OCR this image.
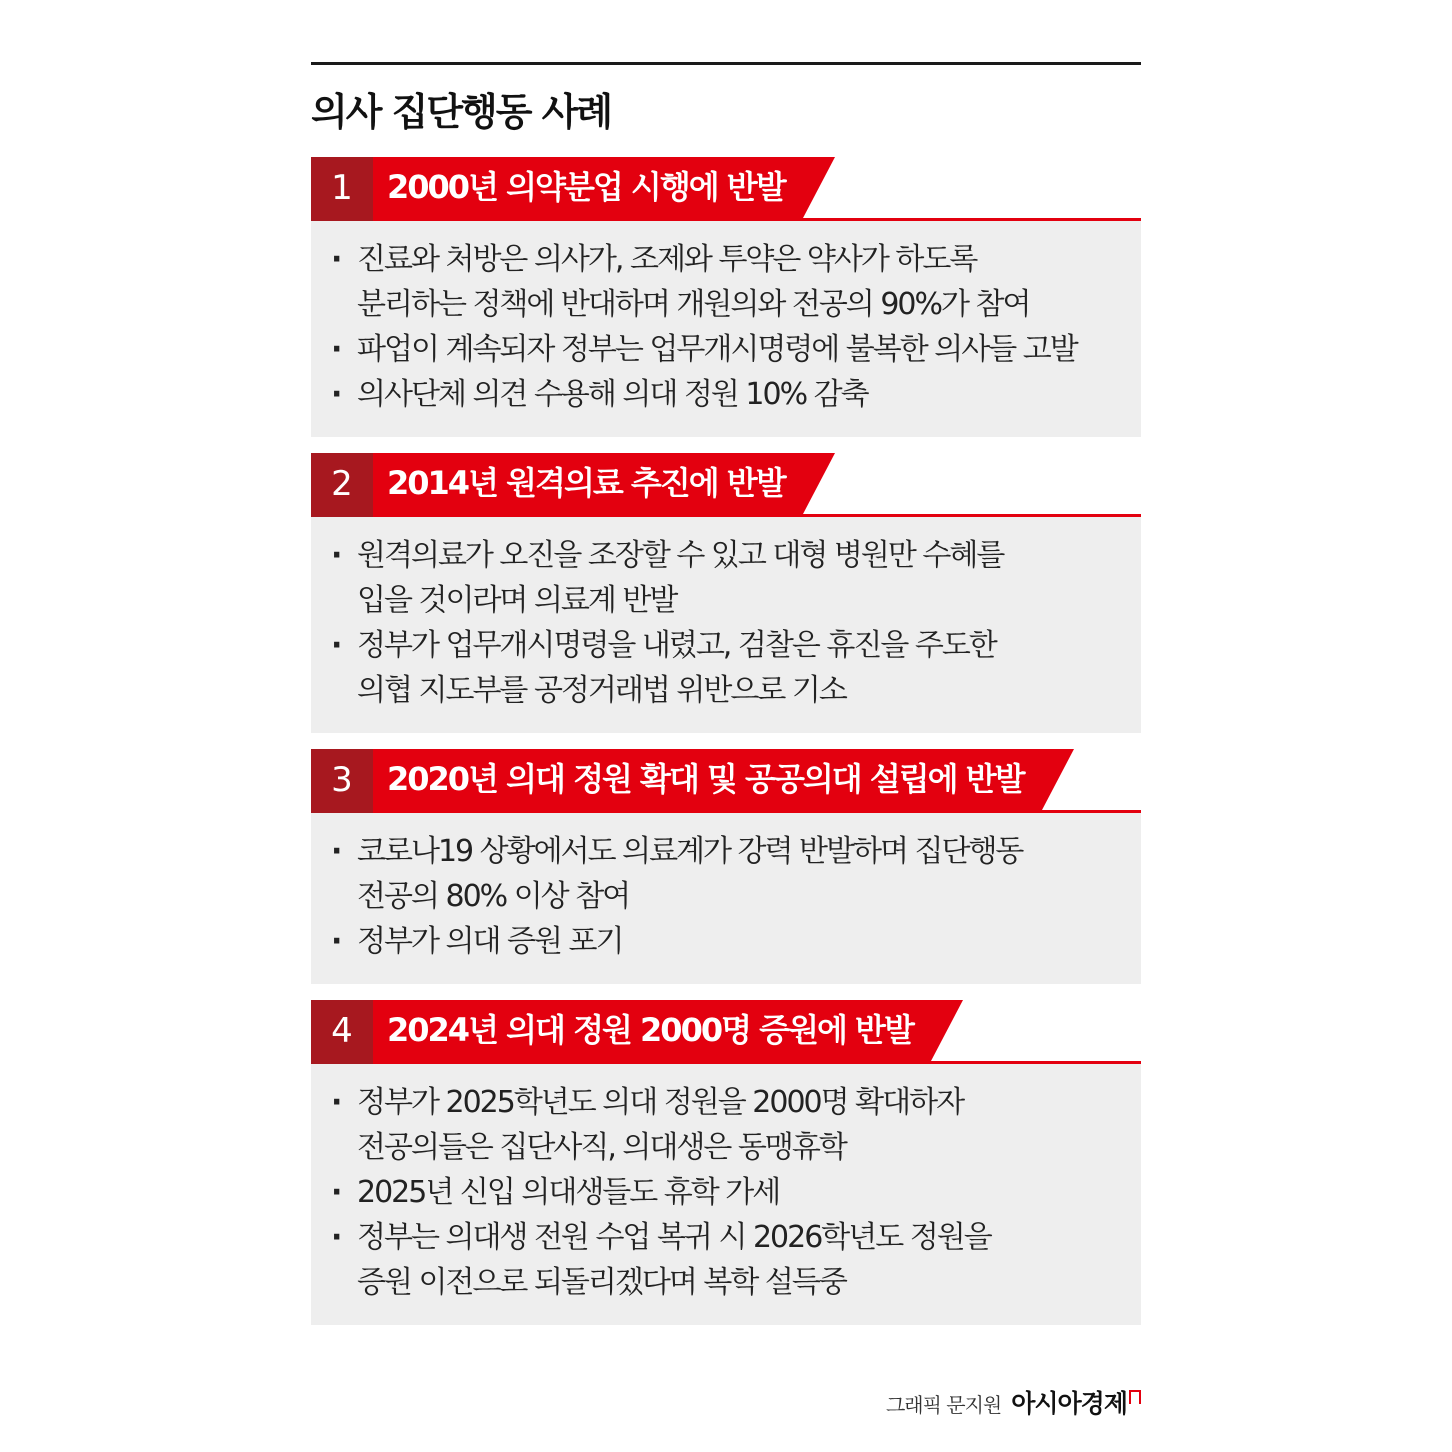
의사 집단행동 사례
1	2000년 의약분업 시행에 반발
· 진료와 처방은 의사가, 조제와 투약은 약사가 하도록
분리하는 정책에 반대하며 개원의와 전공의 90%가 참여
· 파업이 계속되자 정부는 업무개시명령에 불복한 의사들 고발
· 의사단체 의견 수용해 의대 정원 10% 감축
2	2014년 원격의료 추진에 반발
· 원격의료가 오진을 조장할 수 있고 대형 병원만 수혜를
입을 것이라며 의료계 반발
· 정부가 업무개시명령을 내렸고, 검찰은 휴진을 주도한
의협 지도부를 공정거래법 위반으로 기소
3	2020년 의대 정원 확대 및 공공의대 설립에 반발
· 코로나19 상황에서도 의료계가 강력 반발하며 집단행동
전공의 80% 이상 참여
· 정부가 의대 증원 포기
4	2024년 의대 정원 2000명 증원에 반발
· 정부가 2025학년도 의대 정원을 2000명 확대하자
전공의들은 집단사직, 의대생은 동맹휴학
· 2025년 신입 의대생들도 휴학 가세
· 정부는 의대생 전원 수업 복귀 시 2026학년도 정원을
증원 이전으로 되돌리겠다며 복학 설득중
그래픽 문지원 아시아경제
